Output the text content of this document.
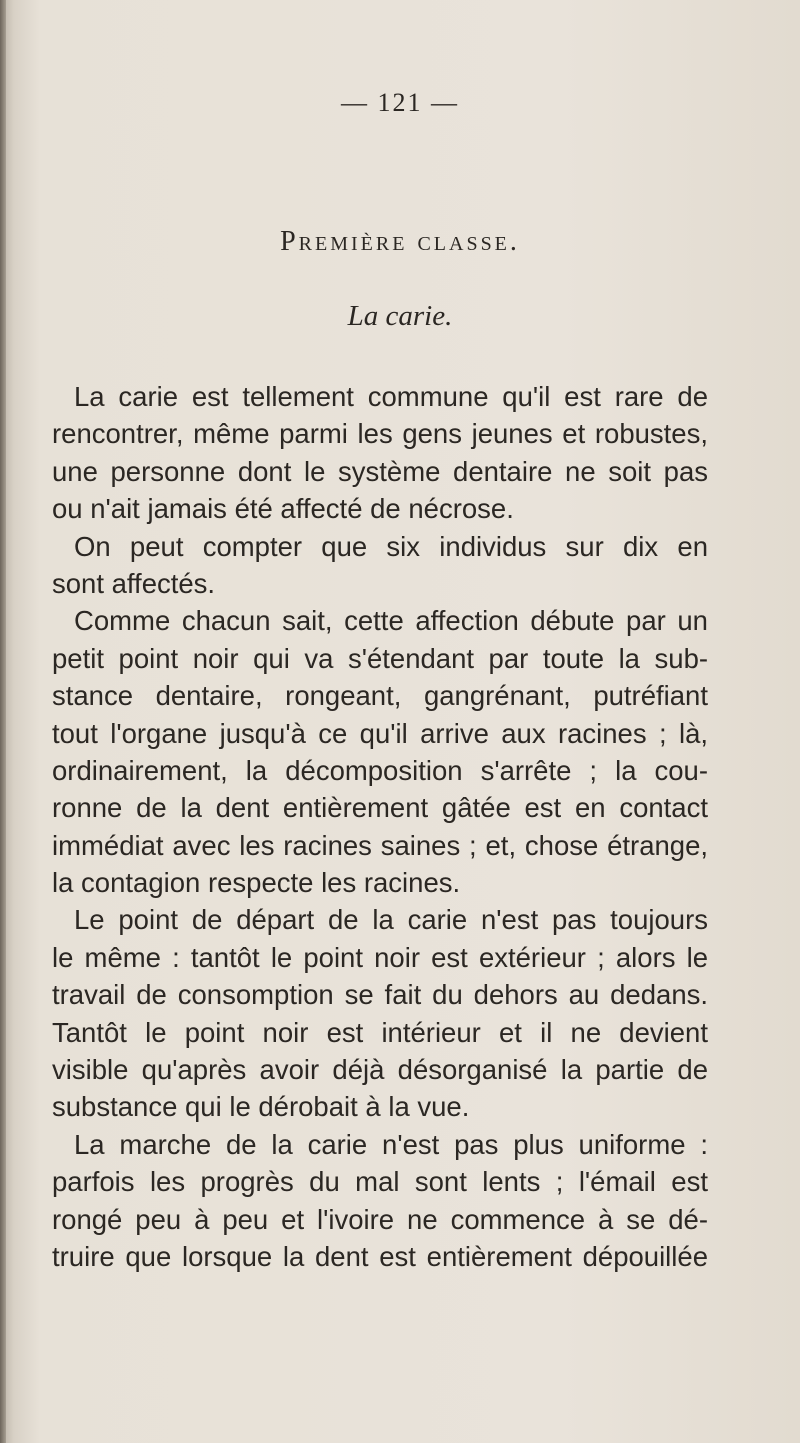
— 121 —
Première classe.
La carie.
La carie est tellement commune qu'il est rare de
rencontrer, même parmi les gens jeunes et robustes,
une personne dont le système dentaire ne soit pas
ou n'ait jamais été affecté de nécrose.
On peut compter que six individus sur dix en
sont affectés.
Comme chacun sait, cette affection débute par un
petit point noir qui va s'étendant par toute la sub-
stance dentaire, rongeant, gangrénant, putréfiant
tout l'organe jusqu'à ce qu'il arrive aux racines ; là,
ordinairement, la décomposition s'arrête ; la cou-
ronne de la dent entièrement gâtée est en contact
immédiat avec les racines saines ; et, chose étrange,
la contagion respecte les racines.
Le point de départ de la carie n'est pas toujours
le même : tantôt le point noir est extérieur ; alors le
travail de consomption se fait du dehors au dedans.
Tantôt le point noir est intérieur et il ne devient
visible qu'après avoir déjà désorganisé la partie de
substance qui le dérobait à la vue.
La marche de la carie n'est pas plus uniforme :
parfois les progrès du mal sont lents ; l'émail est
rongé peu à peu et l'ivoire ne commence à se dé-
truire que lorsque la dent est entièrement dépouillée
